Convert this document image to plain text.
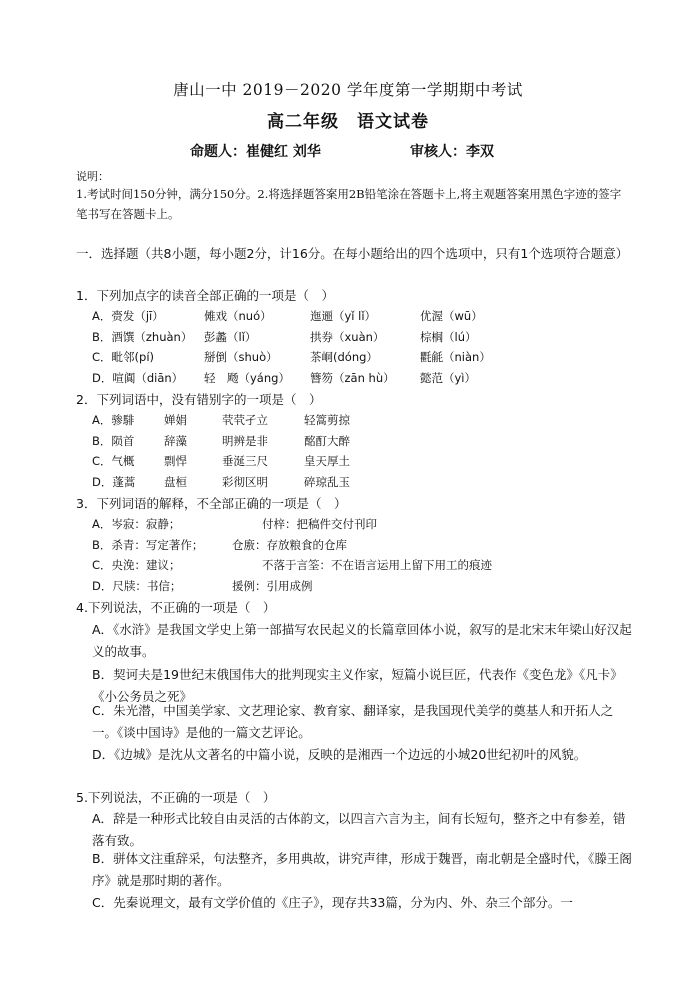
唐山一中 2019－2020 学年度第一学期期中考试
高二年级　语文试卷
命题人：崔健红 刘华	审核人：李双
说明：
1.考试时间150分钟，满分150分。2.将选择题答案用2B铅笔涂在答题卡上,将主观题答案用黑色字迹的签字笔书写在答题卡上。
一．选择题（共8小题，每小题2分，计16分。在每小题给出的四个选项中，只有1个选项符合题意）
1．下列加点字的读音全部正确的一项是（　）
A．赍发（jī）	傩戏（nuó）	迤逦（yǐ lǐ）	优渥（wū）
B．酒馔（zhuàn） 彭蠡（lǐ）	拱券（xuàn）	棕榈（lú）
C．毗邻(pí)	掰倒（shuò）	茶峒(dóng）	氍毹（niàn）
D．喧阗（diān） 轻　飏（yáng） 簪笏（zān hù） 懿范（yì）
2．下列词语中，没有错别字的一项是（　）
A．骖騑	婵娟	茕茕孑立	轻篙剪掠
B．陨首	辞藻	明辨是非	酩酊大醉
C．气概	剽悍	垂涎三尺	皇天厚土
D．蓬蒿 盘桓	彩彻区明	碎琼乱玉
3．下列词语的解释，不全部正确的一项是（　）
A．岑寂：寂静；	付梓：把稿件交付刊印
B．杀青：写定著作； 仓廒：存放粮食的仓库
C．央浼：建议；	不落于言筌：不在语言运用上留下用工的痕迹
D．尺牍：书信；	援例：引用成例
4.下列说法，不正确的一项是（　）
A．《水浒》是我国文学史上第一部描写农民起义的长篇章回体小说，叙写的是北宋末年梁山好汉起义的故事。
B．契诃夫是19世纪末俄国伟大的批判现实主义作家，短篇小说巨匠，代表作《变色龙》《凡卡》《小公务员之死》
C．朱光潜，中国美学家、文艺理论家、教育家、翻译家，是我国现代美学的奠基人和开拓人之一。《谈中国诗》是他的一篇文艺评论。
D．《边城》是沈从文著名的中篇小说，反映的是湘西一个边远的小城20世纪初叶的风貌。
5.下列说法，不正确的一项是（　）
A．辞是一种形式比较自由灵活的古体韵文，以四言六言为主，间有长短句，整齐之中有参差，错落有致。
B．骈体文注重辞采，句法整齐，多用典故，讲究声律，形成于魏晋，南北朝是全盛时代，《滕王阁序》就是那时期的著作。
C．先秦说理文，最有文学价值的《庄子》，现存共33篇，分为内、外、杂三个部分。一
